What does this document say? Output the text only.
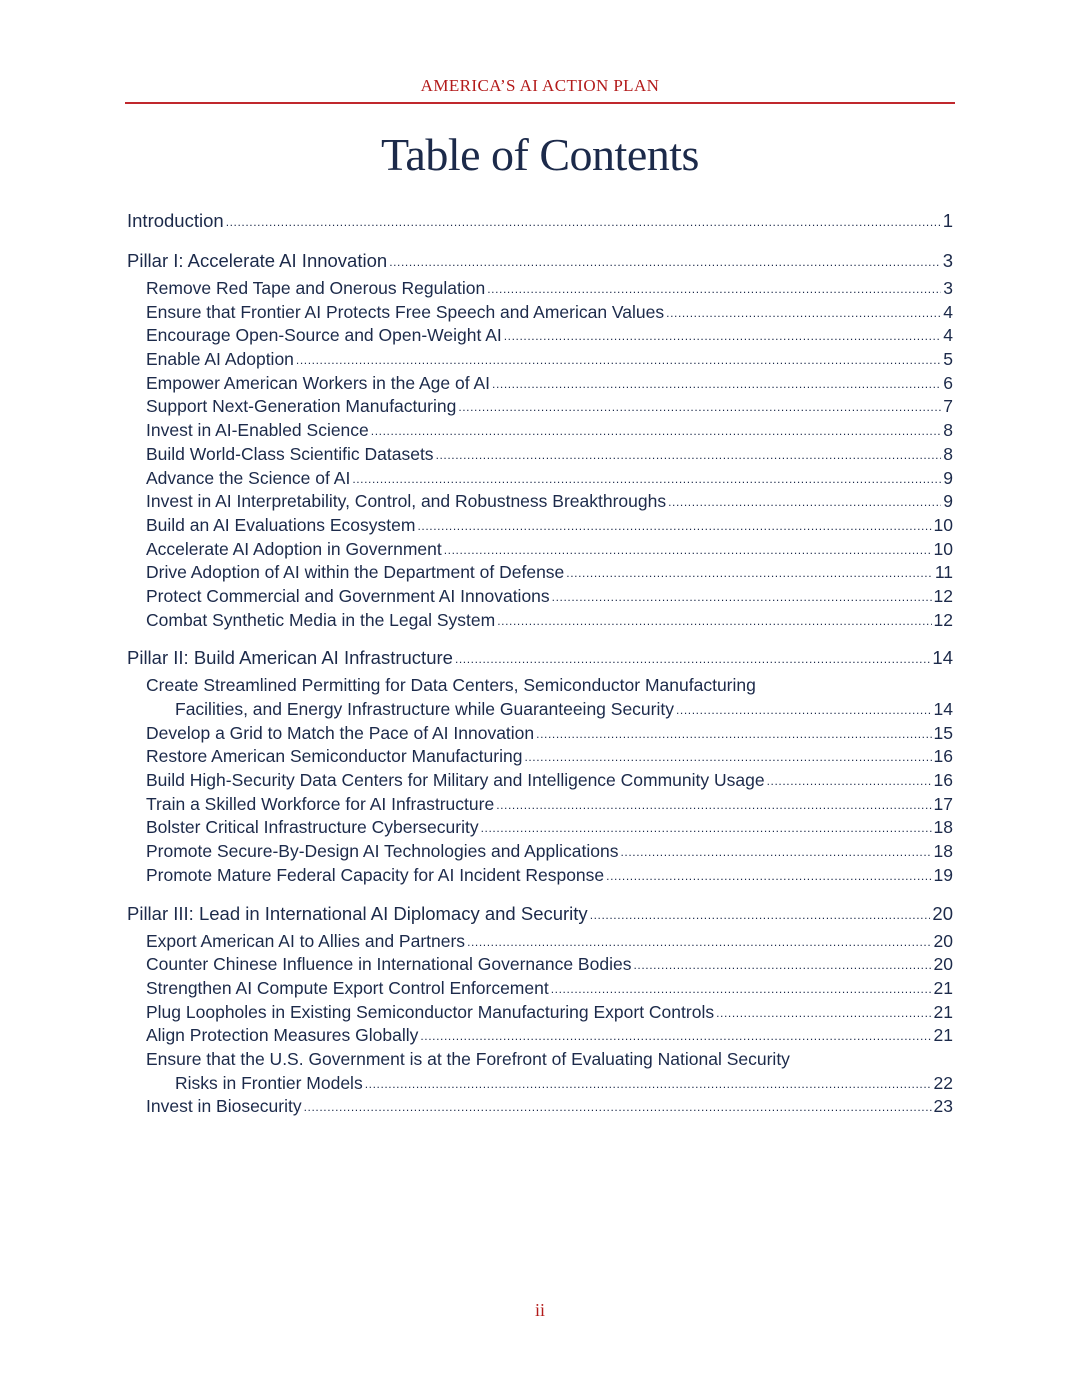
AMERICA’S AI ACTION PLAN
Table of Contents
Introduction .....	1
Pillar I: Accelerate AI Innovation .....	3
Remove Red Tape and Onerous Regulation .....	3
Ensure that Frontier AI Protects Free Speech and American Values .....	4
Encourage Open-Source and Open-Weight AI .....	4
Enable AI Adoption .....	5
Empower American Workers in the Age of AI .....	6
Support Next-Generation Manufacturing .....	7
Invest in AI-Enabled Science .....	8
Build World-Class Scientific Datasets .....	8
Advance the Science of AI .....	9
Invest in AI Interpretability, Control, and Robustness Breakthroughs .....	9
Build an AI Evaluations Ecosystem .....	10
Accelerate AI Adoption in Government .....	10
Drive Adoption of AI within the Department of Defense .....	11
Protect Commercial and Government AI Innovations .....	12
Combat Synthetic Media in the Legal System .....	12
Pillar II: Build American AI Infrastructure .....	14
Create Streamlined Permitting for Data Centers, Semiconductor Manufacturing
Facilities, and Energy Infrastructure while Guaranteeing Security .....	14
Develop a Grid to Match the Pace of AI Innovation .....	15
Restore American Semiconductor Manufacturing .....	16
Build High-Security Data Centers for Military and Intelligence Community Usage .....	16
Train a Skilled Workforce for AI Infrastructure .....	17
Bolster Critical Infrastructure Cybersecurity .....	18
Promote Secure-By-Design AI Technologies and Applications .....	18
Promote Mature Federal Capacity for AI Incident Response .....	19
Pillar III: Lead in International AI Diplomacy and Security .....	20
Export American AI to Allies and Partners .....	20
Counter Chinese Influence in International Governance Bodies .....	20
Strengthen AI Compute Export Control Enforcement .....	21
Plug Loopholes in Existing Semiconductor Manufacturing Export Controls .....	21
Align Protection Measures Globally .....	21
Ensure that the U.S. Government is at the Forefront of Evaluating National Security
Risks in Frontier Models .....	22
Invest in Biosecurity .....	23
ii
